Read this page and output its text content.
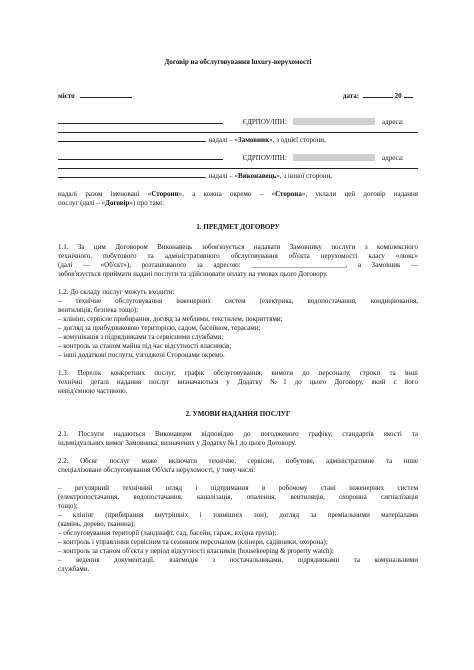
Договір на обслуговування luxury-нерухомості
місто	дата:	20
ЄДРПОУ/ІПН:	адреса:
, надалі – «Замовник», з однієї сторони,
ЄДРПОУ/ІПН:	адреса:
, надалі – «Виконавець», з іншої сторони,
надалі разом іменовані «Сторони», а кожна окремо – «Сторона», уклали цей договір надання
послуг (далі – «Договір») про таке:
1. ПРЕДМЕТ ДОГОВОРУ
1.1. За цим Договором Виконавець зобов'язується надавати Замовнику послуги з комплексного
технічного, побутового та адміністративного обслуговування об'єкта нерухомості класу «люкс»
(далі — «Об'єкт»), розташованого за адресою: ___________________________, а Замовник —
зобов'язується приймати надані послуги та здійснювати оплату на умовах цього Договору.
1.2. До складу послуг можуть входити:
– технічне обслуговування інженерних систем (електрика, водопостачання, кондиціювання,
вентиляція, безпека тощо);
– клінінг, сервісне прибирання, догляд за меблями, текстилем, покриттями;
– догляд за прибудинковою територією, садом, басейном, терасами;
– комунікація з підрядниками та сервісними службами;
– контроль за станом майна під час відсутності власників;
– інші додаткові послуги, узгоджені Сторонами окремо.
1.3. Перелік конкретних послуг, графік обслуговування, вимоги до персоналу, строки та інші
технічні деталі надання послуг визначаються у Додатку №1 до цього Договору, який є його
невід'ємною частиною.
2. УМОВИ НАДАННЯ ПОСЛУГ
2.1. Послуги надаються Виконавцем відповідно до погодженого графіку, стандартів якості та
індивідуальних вимог Замовника, визначених у Додатку №1 до цього Договору.
2.2. Обсяг послуг може включати технічне, сервісне, побутове, адміністративне та інше
спеціалізоване обслуговування Об'єкта нерухомості, у тому числі:
– регулярний технічний огляд і підтримання в робочому стані інженерних систем
(електропостачання, водопостачання, каналізація, опалення, вентиляція, охоронна сигналізація
тощо);
– клінінг (прибирання внутрішніх і зовнішніх зон), догляд за преміальними матеріалами
(камінь, дерево, тканина);
– обслуговування території (ландшафт, сад, басейн, гараж, вхідна група);
– контроль і управління сервісним та сезонним персоналом (клінери, садівники, охорона);
– контроль за станом об'єкта у період відсутності власників (housekeeping & property watch);
– ведення документації, взаємодія з постачальниками, підрядниками та комунальними
службами.
